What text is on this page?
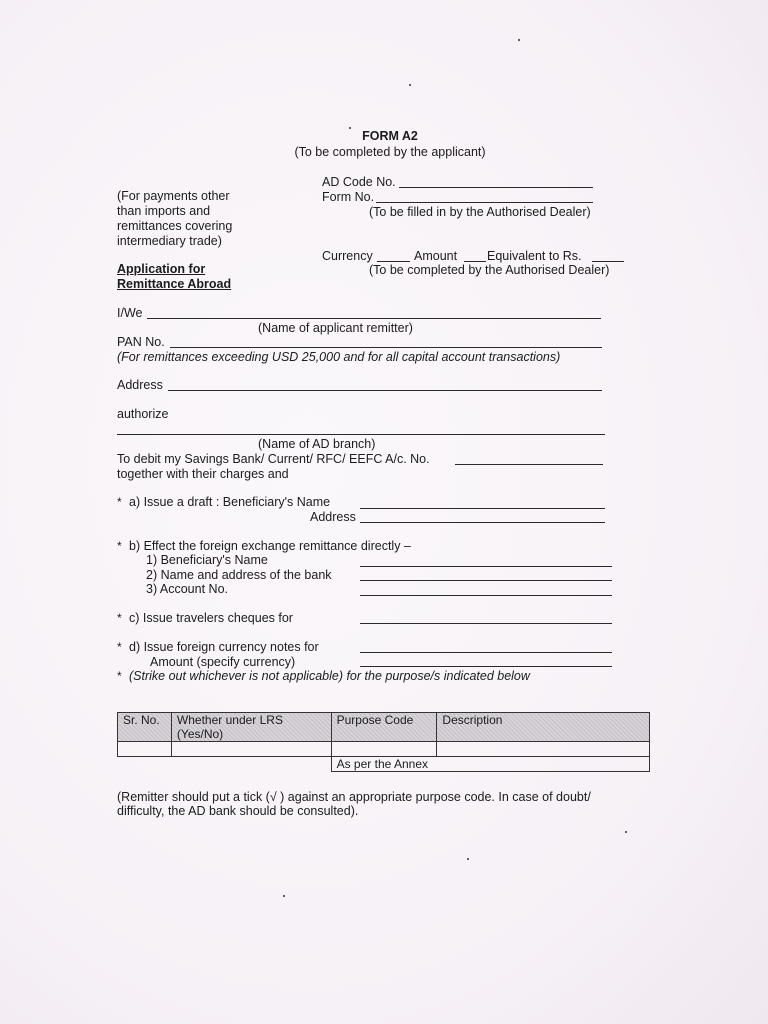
FORM A2
(To be completed by the applicant)
(For payments other
than imports and
remittances covering
intermediary trade)
AD Code No.
Form No.
(To be filled in by the Authorised Dealer)
Currency	Amount Equivalent to Rs.
(To be completed by the Authorised Dealer)
Application for
Remittance Abroad
I/We
(Name of applicant remitter)
PAN No.
(For remittances exceeding USD 25,000 and for all capital account transactions)
Address
authorize
(Name of AD branch)
To debit my Savings Bank/ Current/ RFC/ EEFC A/c. No.
together with their charges and
* a) Issue a draft : Beneficiary's Name
Address
* b) Effect the foreign exchange remittance directly –
1) Beneficiary's Name
2) Name and address of the bank
3) Account No.
* c) Issue travelers cheques for
* d) Issue foreign currency notes for
Amount (specify currency)
* (Strike out whichever is not applicable) for the purpose/s indicated below
Sr. No.	Whether under LRS (Yes/No)	Purpose Code	Description

		As per the Annex	
(Remitter should put a tick (√ ) against an appropriate purpose code. In case of doubt/
difficulty, the AD bank should be consulted).
